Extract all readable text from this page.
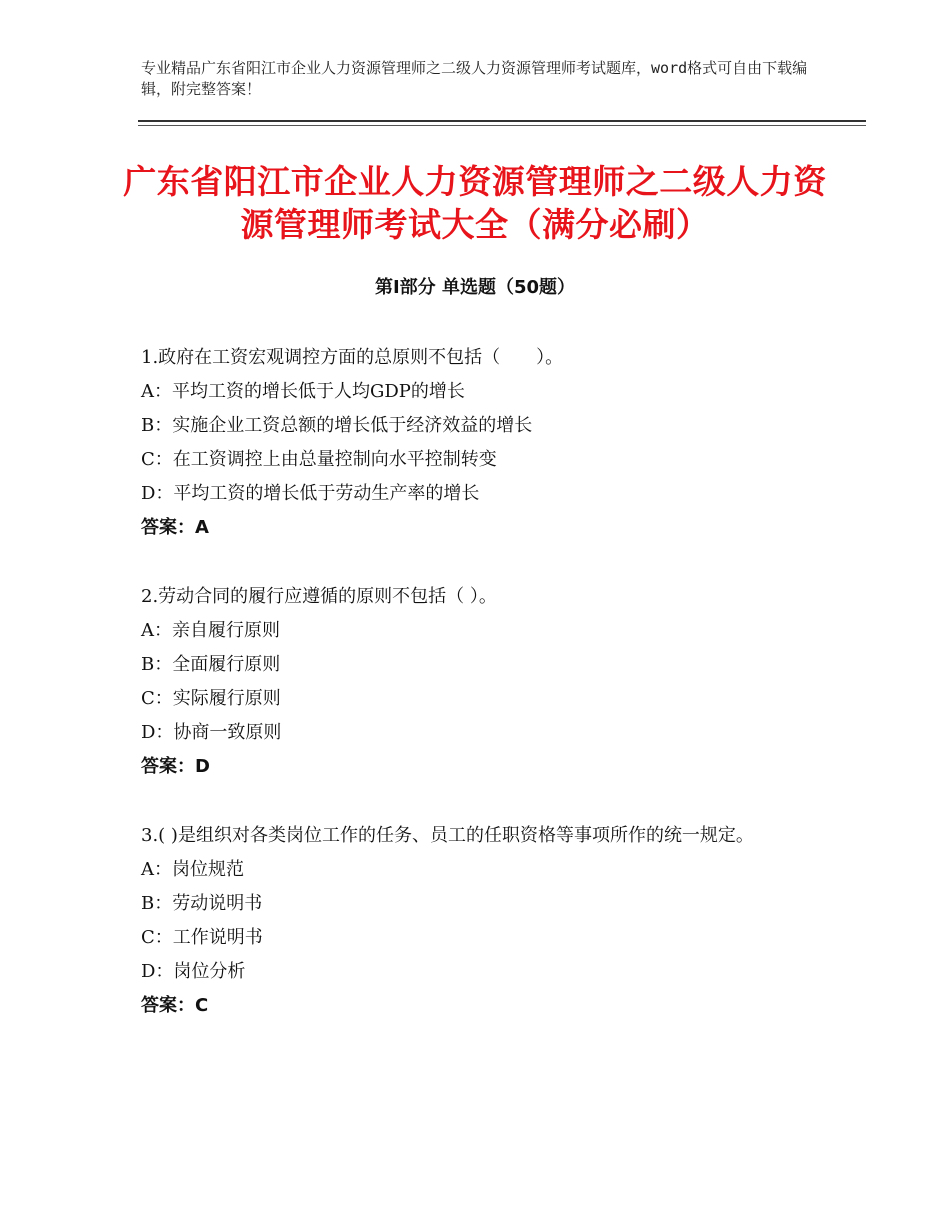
专业精品广东省阳江市企业人力资源管理师之二级人力资源管理师考试题库，word格式可自由下载编辑，附完整答案！
广东省阳江市企业人力资源管理师之二级人力资源管理师考试大全（满分必刷）
第Ⅰ部分 单选题（50题）
1.政府在工资宏观调控方面的总原则不包括（　　）。
A：平均工资的增长低于人均GDP的增长
B：实施企业工资总额的增长低于经济效益的增长
C：在工资调控上由总量控制向水平控制转变
D：平均工资的增长低于劳动生产率的增长
答案：A
2.劳动合同的履行应遵循的原则不包括（ ）。
A：亲自履行原则
B：全面履行原则
C：实际履行原则
D：协商一致原则
答案：D
3.( )是组织对各类岗位工作的任务、员工的任职资格等事项所作的统一规定。
A：岗位规范
B：劳动说明书
C：工作说明书
D：岗位分析
答案：C
